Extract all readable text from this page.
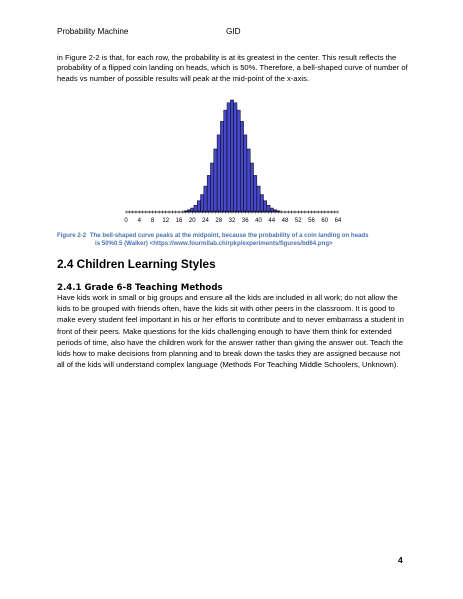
Probability Machine	GID

in Figure 2-2 is that, for each row, the probability is at its greatest in the center. This result reflects the probability of a flipped coin landing on heads, which is 50%. Therefore, a bell-shaped curve of number of heads vs number of possible results will peak at the mid-point of the x-axis.

0 4 8 12 16 20 24 28 32 36 40 44 48 52 56 60 64

Figure 2-2 The bell-shaped curve peaks at the midpoint, because the probability of a coin landing on heads
is 50%0.5 (Walker) <https://www.fourmilab.ch/rpkp/experiments/figures/bd64.png>

2.4 Children Learning Styles
2.4.1 Grade 6-8 Teaching Methods

Have kids work in small or big groups and ensure all the kids are included in all work; do not allow the kids to be grouped with friends often, have the kids sit with other peers in the classroom. It is good to make every student feel important in his or her efforts to contribute and to never embarrass a student in front of their peers. Make questions for the kids challenging enough to have them think for extended periods of time, also have the children work for the answer rather than giving the answer out. Teach the kids how to make decisions from planning and to break down the tasks they are assigned because not all of the kids will understand complex language (Methods For Teaching Middle Schoolers, Unknown).

4
